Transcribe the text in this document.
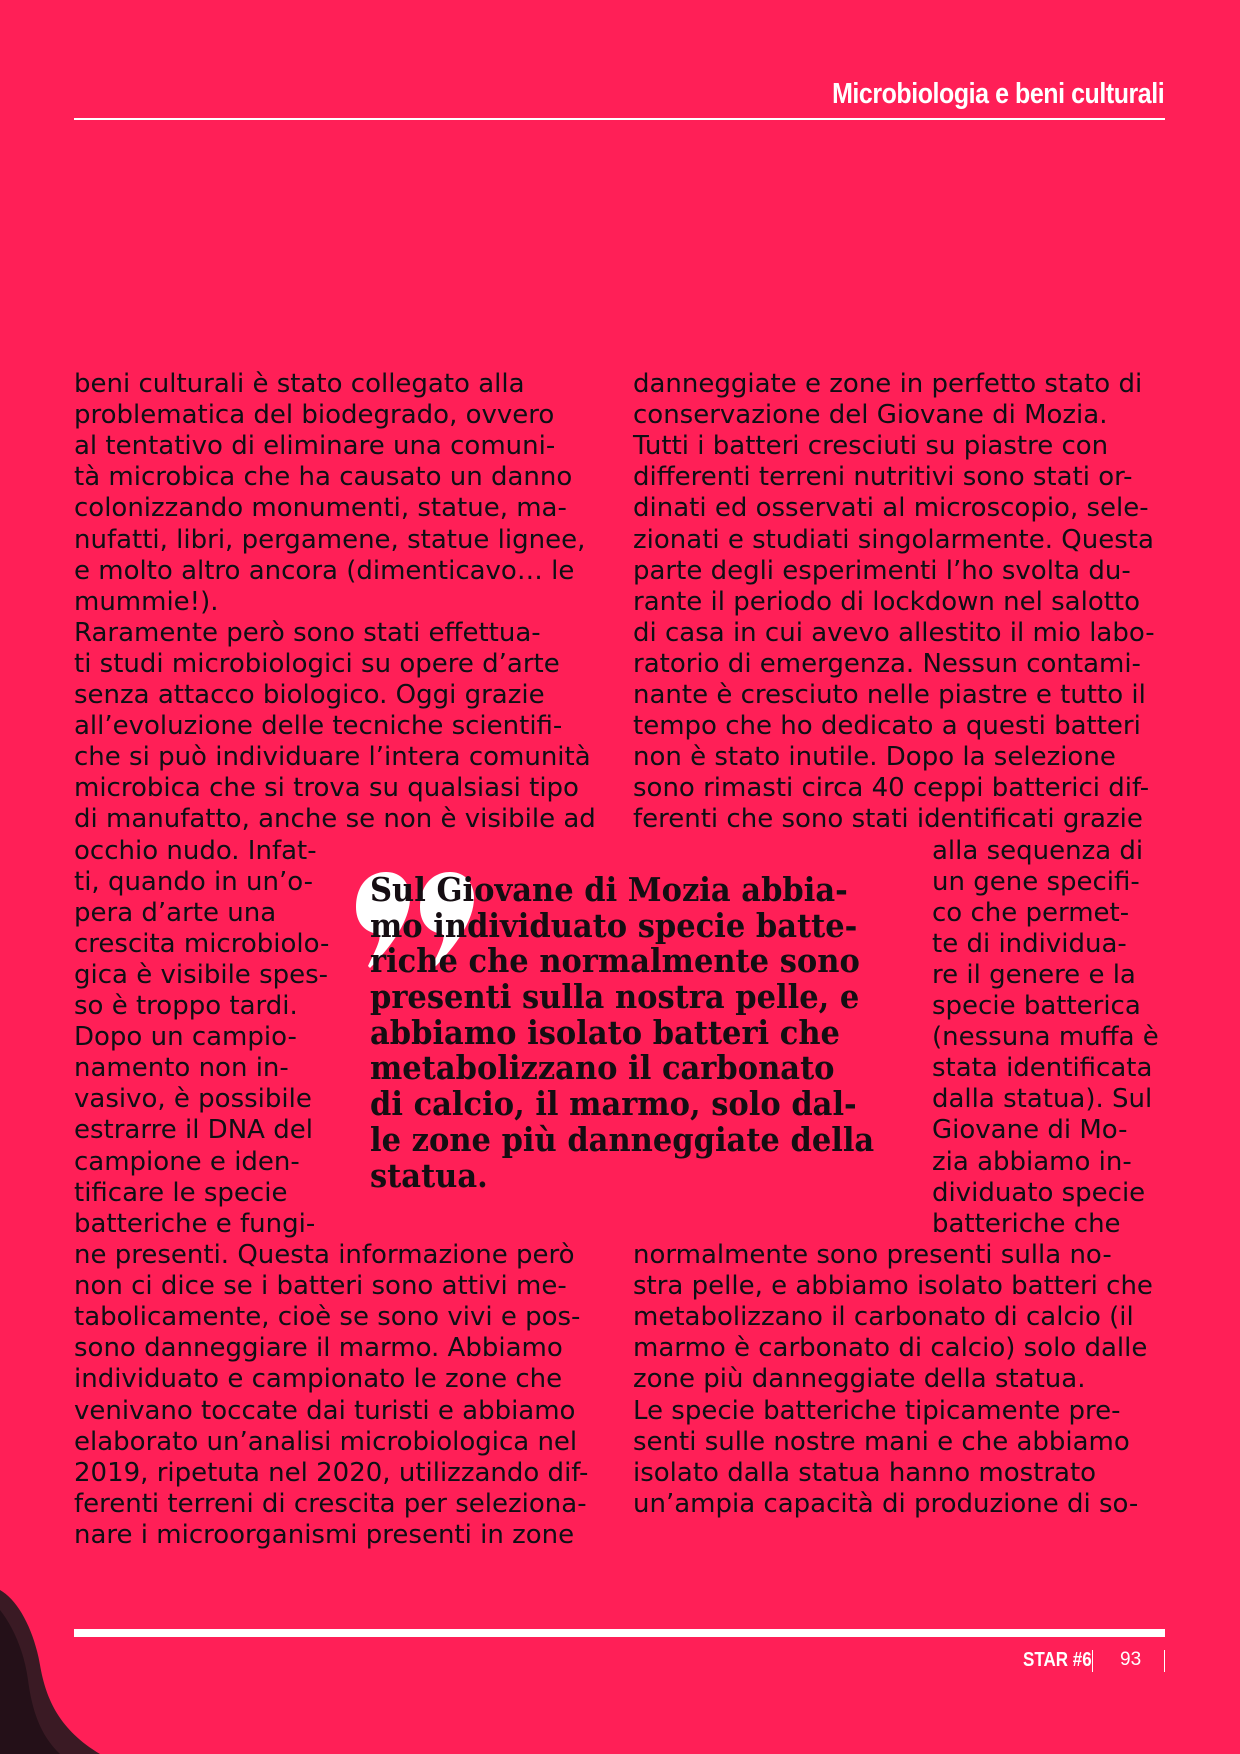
Microbiologia e beni culturali
beni culturali è stato collegato alla
problematica del biodegrado, ovvero
al tentativo di eliminare una comuni-
tà microbica che ha causato un danno
colonizzando monumenti, statue, ma-
nufatti, libri, pergamene, statue lignee,
e molto altro ancora (dimenticavo… le
mummie!).
Raramente però sono stati effettua-
ti studi microbiologici su opere d’arte
senza attacco biologico. Oggi grazie
all’evoluzione delle tecniche scientifi-
che si può individuare l’intera comunità
microbica che si trova su qualsiasi tipo
di manufatto, anche se non è visibile ad
occhio nudo. Infat-
ti, quando in un’o-
pera d’arte una
crescita microbiolo-
gica è visibile spes-
so è troppo tardi.
Dopo un campio-
namento non in-
vasivo, è possibile
estrarre il DNA del
campione e iden-
tificare le specie
batteriche e fungi-
ne presenti. Questa informazione però
non ci dice se i batteri sono attivi me-
tabolicamente, cioè se sono vivi e pos-
sono danneggiare il marmo. Abbiamo
individuato e campionato le zone che
venivano toccate dai turisti e abbiamo
elaborato un’analisi microbiologica nel
2019, ripetuta nel 2020, utilizzando dif-
ferenti terreni di crescita per seleziona-
nare i microorganismi presenti in zone
danneggiate e zone in perfetto stato di
conservazione del Giovane di Mozia.
Tutti i batteri cresciuti su piastre con
differenti terreni nutritivi sono stati or-
dinati ed osservati al microscopio, sele-
zionati e studiati singolarmente. Questa
parte degli esperimenti l’ho svolta du-
rante il periodo di lockdown nel salotto
di casa in cui avevo allestito il mio labo-
ratorio di emergenza. Nessun contami-
nante è cresciuto nelle piastre e tutto il
tempo che ho dedicato a questi batteri
non è stato inutile. Dopo la selezione
sono rimasti circa 40 ceppi batterici dif-
ferenti che sono stati identificati grazie
alla sequenza di
un gene specifi-
co che permet-
te di individua-
re il genere e la
specie batterica
(nessuna muffa è
stata identificata
dalla statua). Sul
Giovane di Mo-
zia abbiamo in-
dividuato specie
batteriche che
normalmente sono presenti sulla no-
stra pelle, e abbiamo isolato batteri che
metabolizzano il carbonato di calcio (il
marmo è carbonato di calcio) solo dalle
zone più danneggiate della statua.
Le specie batteriche tipicamente pre-
senti sulle nostre mani e che abbiamo
isolato dalla statua hanno mostrato
un’ampia capacità di produzione di so-
Sul Giovane di Mozia abbia-
mo individuato specie batte-
riche che normalmente sono
presenti sulla nostra pelle, e
abbiamo isolato batteri che
metabolizzano il carbonato
di calcio, il marmo, solo dal-
le zone più danneggiate della
statua.
STAR #6 93
